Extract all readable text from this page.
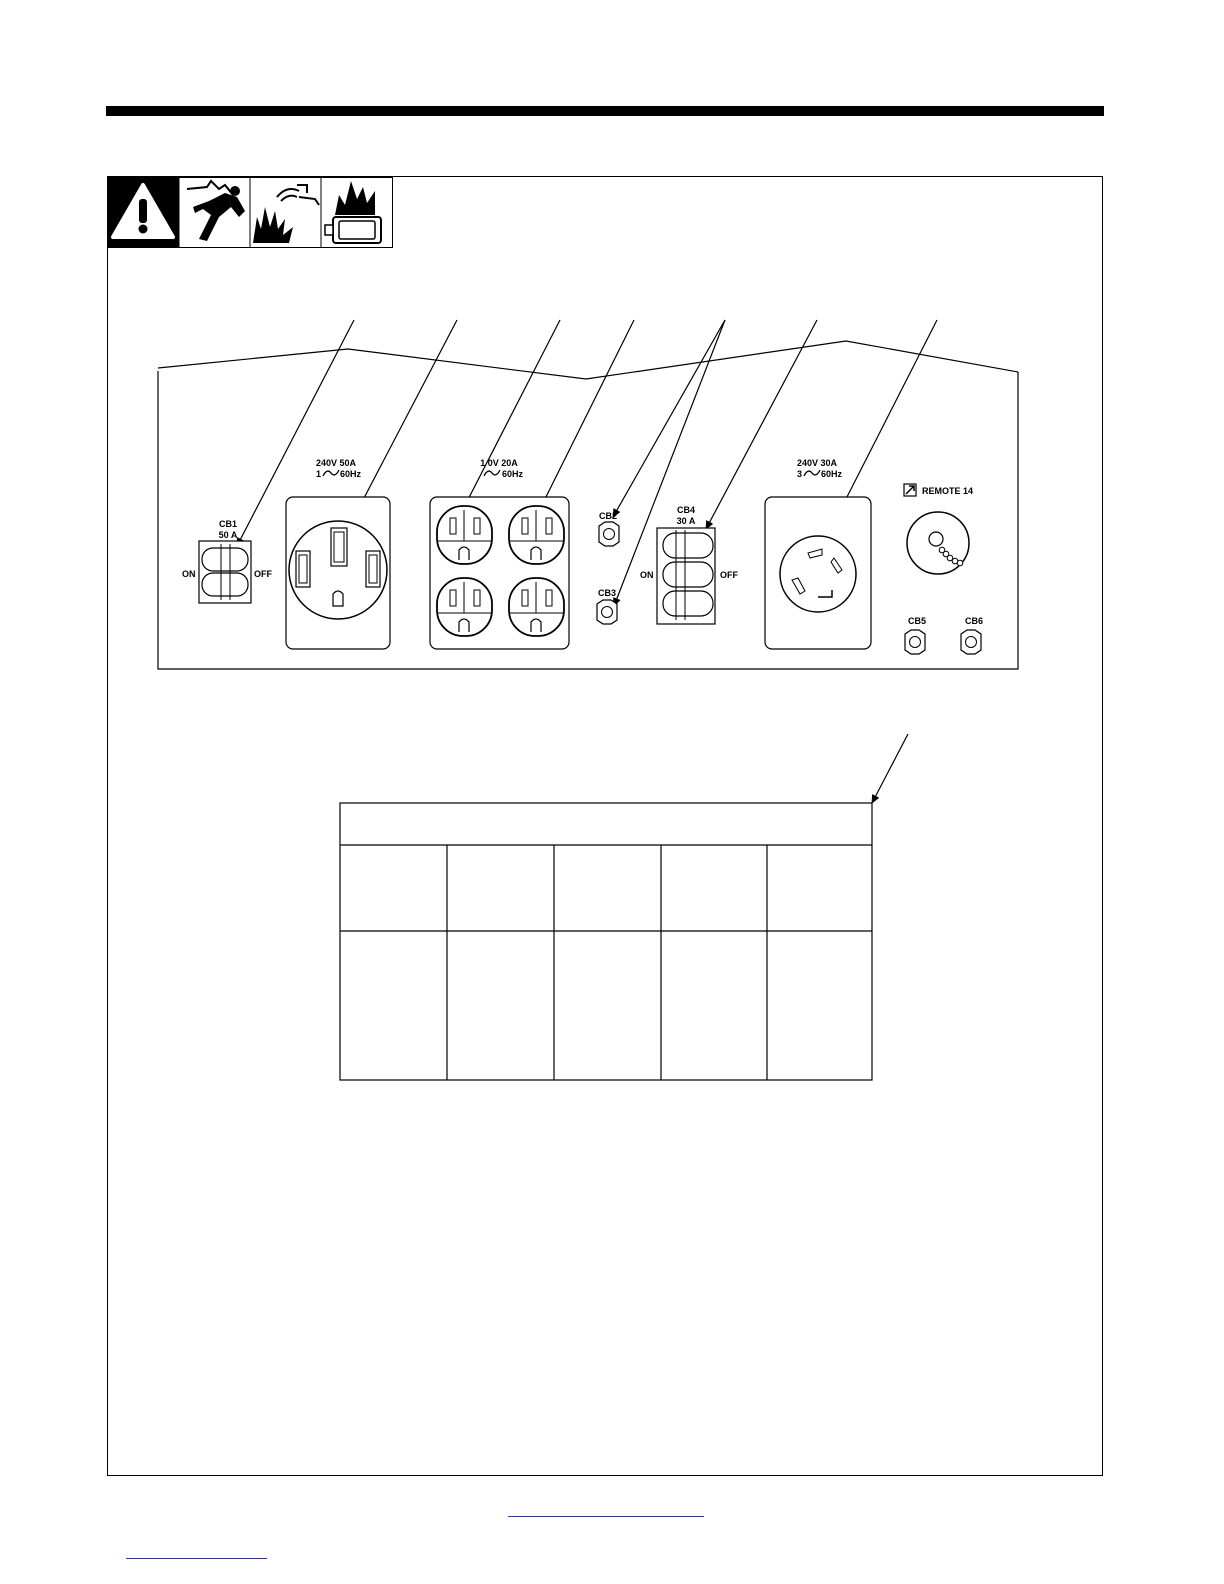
CB1
50 A
ON	OFF
240V 50A
1 60Hz
1 0V 20A
60Hz
CB2
CB3
CB4
30 A
ON	OFF
240V 30A
3 60Hz
REMOTE 14
CB5	CB6
